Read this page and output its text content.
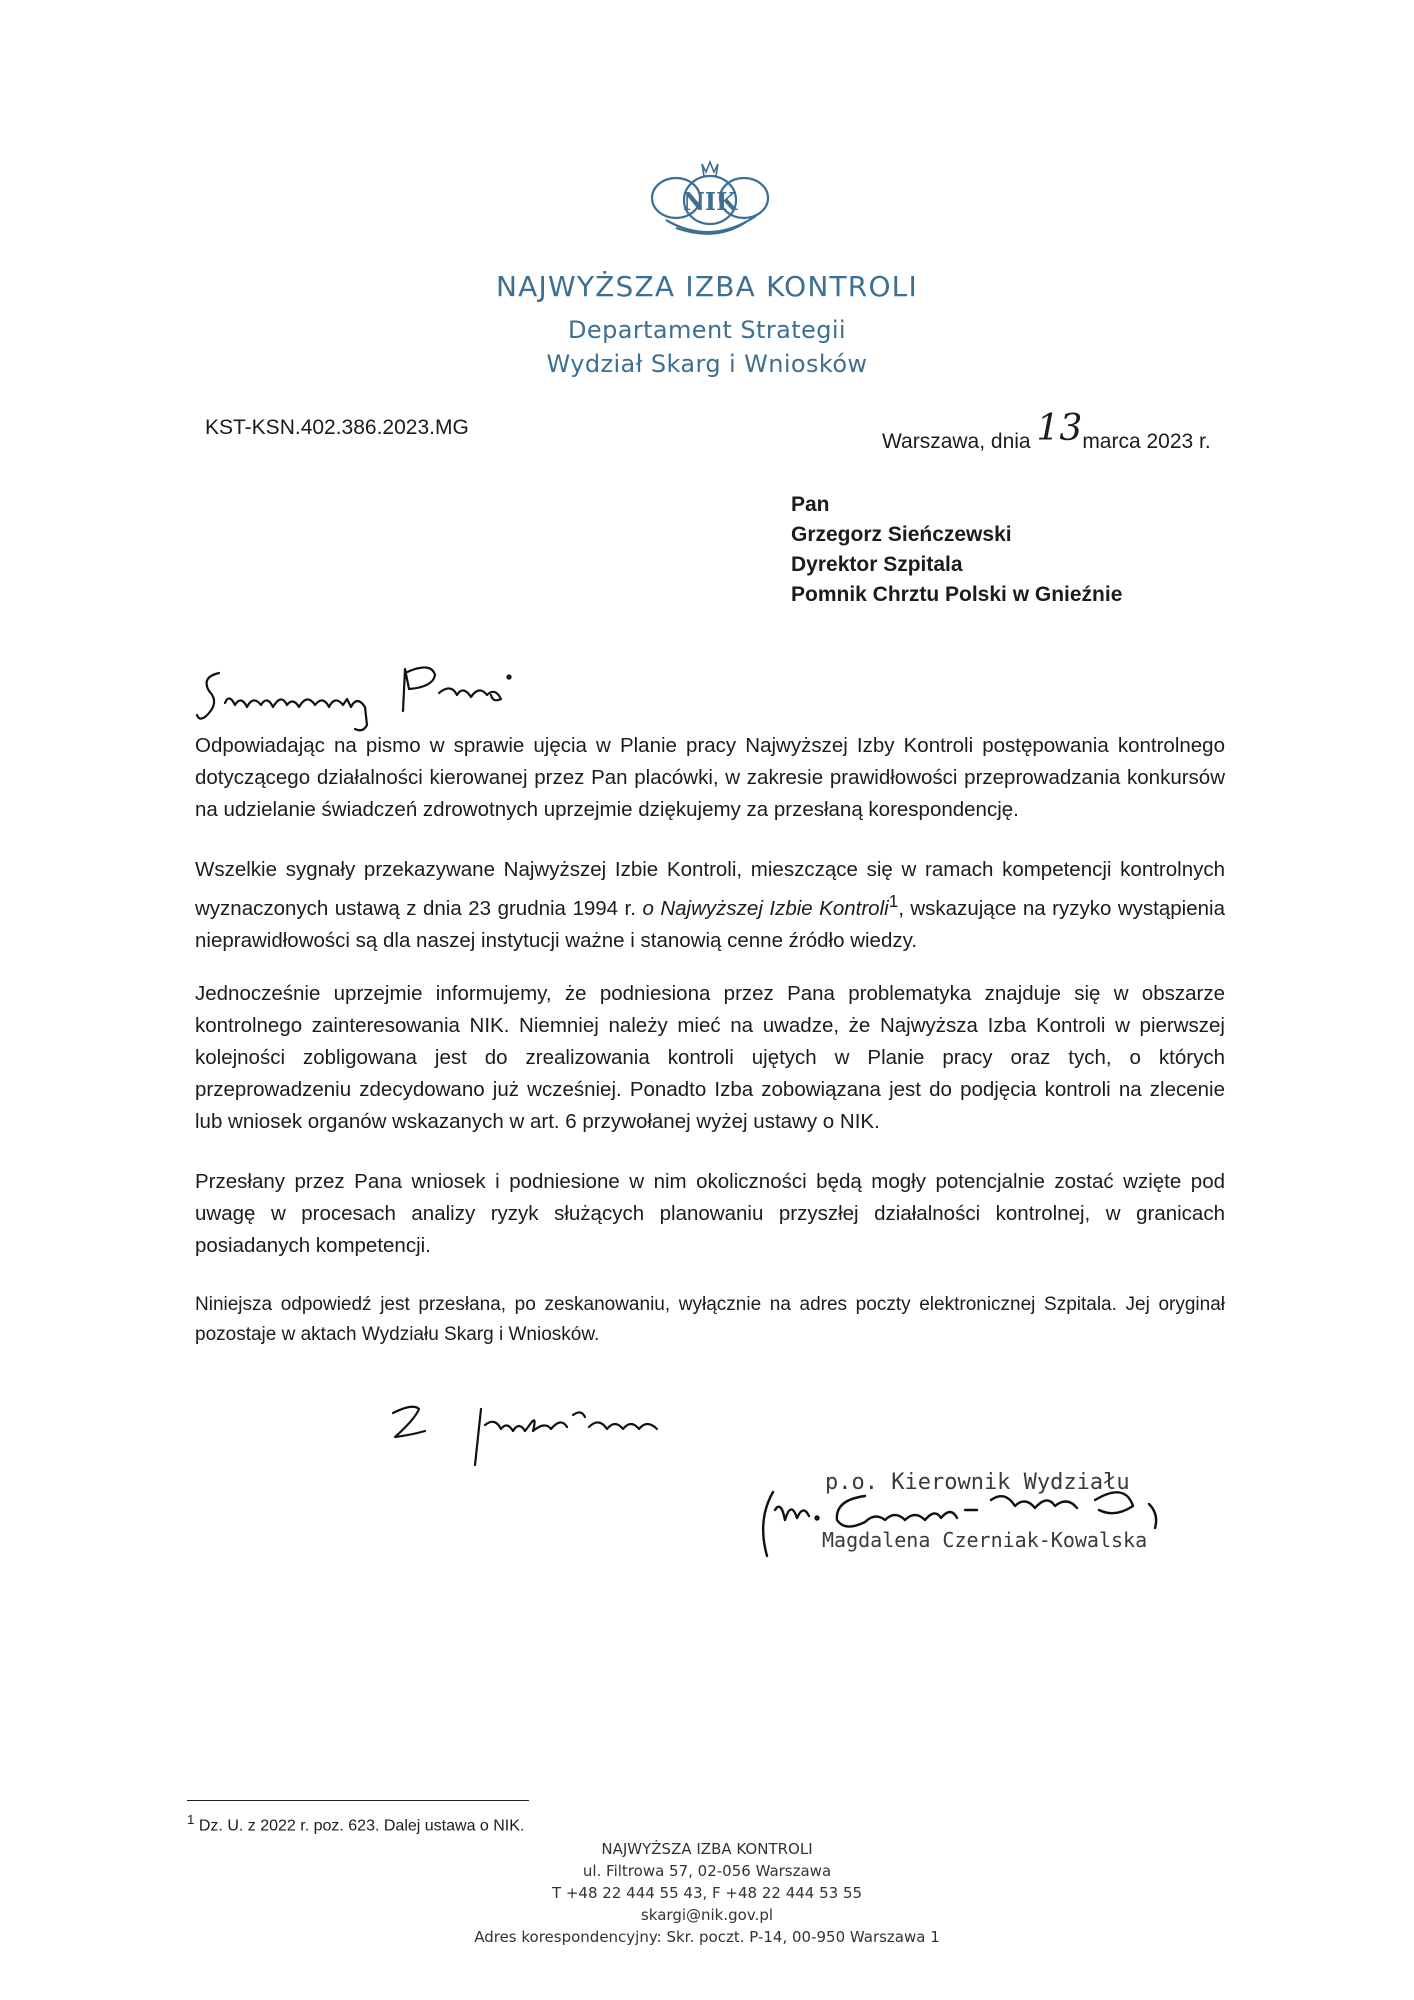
NIK
NAJWYŻSZA IZBA KONTROLI
Departament Strategii
Wydział Skarg i Wniosków
KST-KSN.402.386.2023.MG
Warszawa, dnia 13 marca 2023 r.
Pan
Grzegorz Sieńczewski
Dyrektor Szpitala
Pomnik Chrztu Polski w Gnieźnie
Odpowiadając na pismo w sprawie ujęcia w Planie pracy Najwyższej Izby Kontroli postępowania kontrolnego dotyczącego działalności kierowanej przez Pan placówki, w zakresie prawidłowości przeprowadzania konkursów na udzielanie świadczeń zdrowotnych uprzejmie dziękujemy za przesłaną korespondencję.
Wszelkie sygnały przekazywane Najwyższej Izbie Kontroli, mieszczące się w ramach kompetencji kontrolnych wyznaczonych ustawą z dnia 23 grudnia 1994 r. o Najwyższej Izbie Kontroli$^1$, wskazujące na ryzyko wystąpienia nieprawidłowości są dla naszej instytucji ważne i stanowią cenne źródło wiedzy.
Jednocześnie uprzejmie informujemy, że podniesiona przez Pana problematyka znajduje się w obszarze kontrolnego zainteresowania NIK. Niemniej należy mieć na uwadze, że Najwyższa Izba Kontroli w pierwszej kolejności zobligowana jest do zrealizowania kontroli ujętych w Planie pracy oraz tych, o których przeprowadzeniu zdecydowano już wcześniej. Ponadto Izba zobowiązana jest do podjęcia kontroli na zlecenie lub wniosek organów wskazanych w art. 6 przywołanej wyżej ustawy o NIK.
Przesłany przez Pana wniosek i podniesione w nim okoliczności będą mogły potencjalnie zostać wzięte pod uwagę w procesach analizy ryzyk służących planowaniu przyszłej działalności kontrolnej, w granicach posiadanych kompetencji.
Niniejsza odpowiedź jest przesłana, po zeskanowaniu, wyłącznie na adres poczty elektronicznej Szpitala. Jej oryginał pozostaje w aktach Wydziału Skarg i Wniosków.
p.o. Kierownik Wydziału
Magdalena Czerniak-Kowalska
$^1$ Dz. U. z 2022 r. poz. 623. Dalej ustawa o NIK.
NAJWYŻSZA IZBA KONTROLI
ul. Filtrowa 57, 02-056 Warszawa
T +48 22 444 55 43, F +48 22 444 53 55
skargi@nik.gov.pl
Adres korespondencyjny: Skr. poczt. P-14, 00-950 Warszawa 1
